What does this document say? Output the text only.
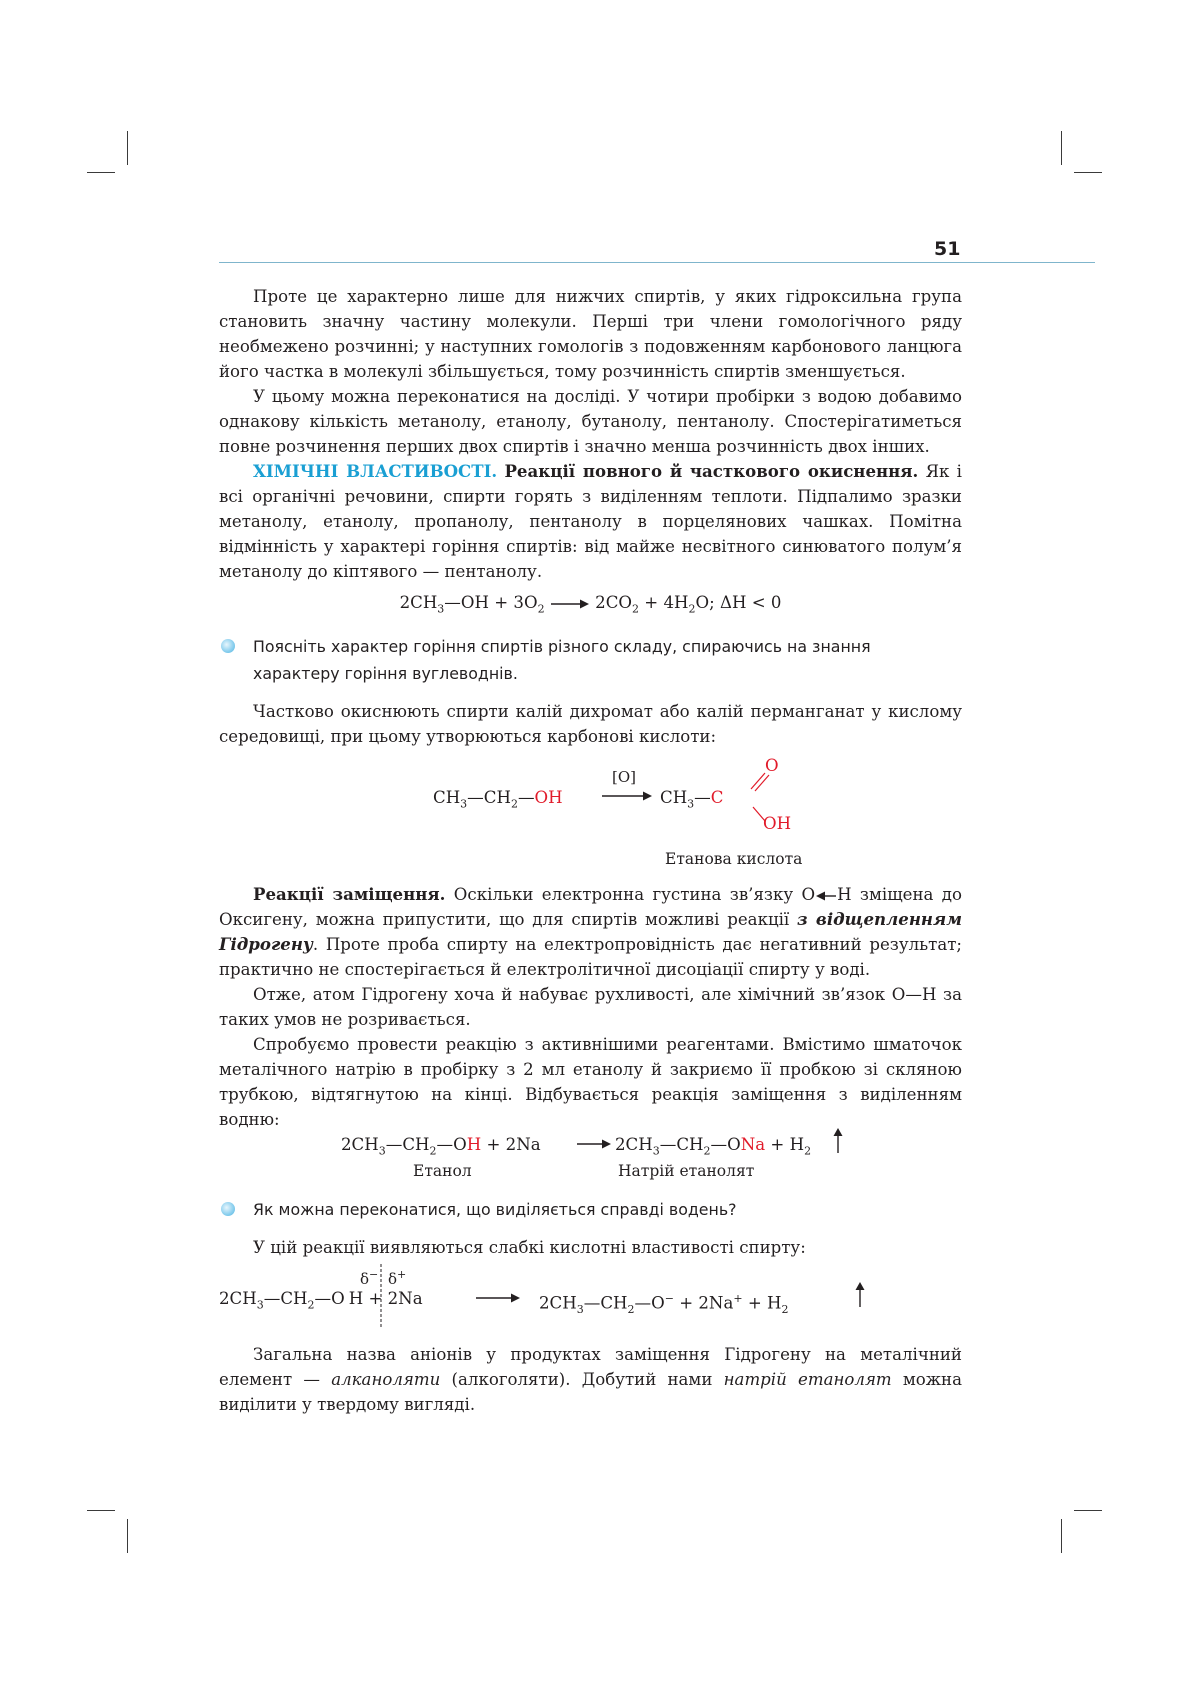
51

Проте це характерно лише для нижчих спиртів, у яких гідроксильна група становить значну частину молекули. Перші три члени гомологічного ряду необмежено розчинні; у наступних гомологів з подовженням карбонового ланцюга його частка в молекулі збільшується, тому розчинність спиртів зменшується.

У цьому можна переконатися на досліді. У чотири пробірки з водою добавимо однакову кількість метанолу, етанолу, бутанолу, пентанолу. Спостерігатиметься повне розчинення перших двох спиртів і значно менша розчинність двох інших.

ХІМІЧНІ ВЛАСТИВОСТІ. Реакції повного й часткового окиснення. Як і всі органічні речовини, спирти горять з виділенням теплоти. Підпалимо зразки метанолу, етанолу, пропанолу, пентанолу в порцелянових чашках. Помітна відмінність у характері горіння спиртів: від майже несвітного синюватого полум’я метанолу до кіптявого — пентанолу.

$2CH_3—OH + 3O_2 \to 2CO_2 + 4H_2O$; ΔH < 0
Поясніть характер горіння спиртів різного складу, спираючись на знання характеру горіння вуглеводнів.

Частково окиснюють спирти калій дихромат або калій перманганат у кислому середовищі, при цьому утворюються карбонові кислоти:

$CH_3—CH_2—OH$
[O]
→ $CH_3—C$
O
OH
Етанова кислота

Реакції заміщення. Оскільки електронна густина зв’язку O H зміщена до Оксигену, можна припустити, що для спиртів можливі реакції з відщепленням Гідрогену. Проте проба спирту на електропровідність дає негативний результат; практично не спостерігається й електролітичної дисоціації спирту у воді.

Отже, атом Гідрогену хоча й набуває рухливості, але хімічний зв’язок O—H за таких умов не розривається.

Спробуємо провести реакцію з активнішими реагентами. Вмістимо шматочок металічного натрію в пробірку з 2 мл етанолу й закриємо її пробкою зі скляною трубкою, відтягнутою на кінці. Відбувається реакція заміщення з виділенням водню:

$2CH_3—CH_2—OH + 2Na$ → $2CH_3—CH_2—ONa + H_2$
Етанол	Натрій етанолят
Як можна переконатися, що виділяється справді водень?

У цій реакції виявляються слабкі кислотні властивості спирту:

$2CH_3—CH_2—O$ H + 2Na
δ− δ+
→ $2CH_3—CH_2—O^- + 2Na^+ + H_2$

Загальна назва аніонів у продуктах заміщення Гідрогену на металічний елемент — алканоляти (алкоголяти). Добутий нами натрій етанолят можна виділити у твердому вигляді.
